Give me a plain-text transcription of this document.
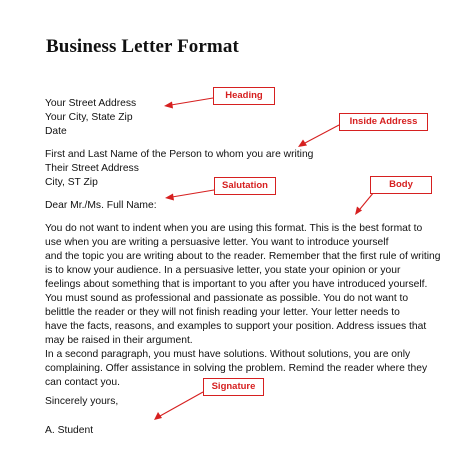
Business Letter Format
Your Street Address
Your City, State Zip
Date
First and Last Name of the Person to whom you are writing
Their Street Address
City, ST Zip
Dear Mr./Ms. Full Name:
You do not want to indent when you are using this format. This is the best format to
use when you are writing a persuasive letter. You want to introduce yourself
and the topic you are writing about to the reader. Remember that the first rule of writing
is to know your audience. In a persuasive letter, you state your opinion or your
feelings about something that is important to you after you have introduced yourself.
You must sound as professional and passionate as possible. You do not want to
belittle the reader or they will not finish reading your letter. Your letter needs to
have the facts, reasons, and examples to support your position. Address issues that
may be raised in their argument.
In a second paragraph, you must have solutions. Without solutions, you are only
complaining. Offer assistance in solving the problem. Remind the reader where they
can contact you.
Sincerely yours,
A. Student
Heading
Inside Address
Salutation	Body
Signature
